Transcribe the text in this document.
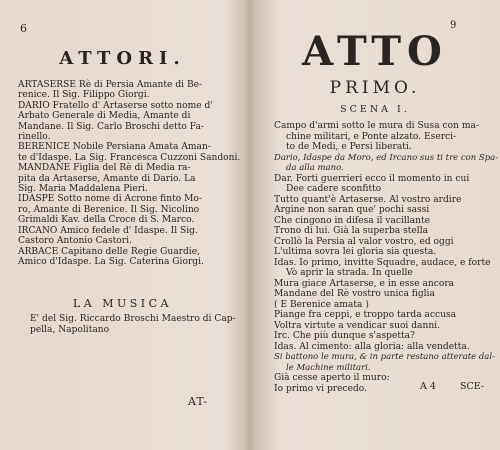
6
ATTORI.
ARTASERSE Rè di Persia Amante di Be-
renice. Il Sig. Filippo Giorgi.
DARIO Fratello d' Artaserse sotto nome d'
Arbato Generale di Media, Amante di
Mandane. Il Sig. Carlo Broschi detto Fa-
rinello.
BERENICE Nobile Persiana Amata Aman-
te d'Idaspe. La Sig. Francesca Cuzzoni Sandoni.
MANDANE Figlia del Rè di Media ra-
pita da Artaserse, Amante di Dario. La
Sig. Maria Maddalena Pieri.
IDASPE Sotto nome di Acrone finto Mo-
ro, Amante di Berenice. Il Sig. Nicolino
Grimaldi Kav. della Croce di S. Marco.
IRCANO Amico fedele d' Idaspe. Il Sig.
Castoro Antonio Castori.
ARBACE Capitano delle Regie Guardie,
Amico d'Idaspe. La Sig. Caterina Giorgi.
LA MUSICA
E' del Sig. Riccardo Broschi Maestro di Cap-
pella, Napolitano
AT-
9
ATTO
PRIMO.
SCENA I.
Campo d'armi sotto le mura di Susa con ma-
chine militari, e Ponte alzato. Eserci-
to de Medi, e Persi liberati.
Dario, Idaspe da Moro, ed Ircano sus ti tre con Spa-
da alla mano.
Dar. Forti guerrieri ecco il momento in cui
Dee cadere sconfitto
Tutto quant'è Artaserse. Al vostro ardire
Argine non saran que' pochi sassi
Che cingono in difesa il vacillante
Trono di lui. Già la superba stella
Crollò la Persia al valor vostro, ed oggi
L'ultima sovra lei gloria sia questa.
Idas. Io primo, invitte Squadre, audace, e forte
Vò aprir la strada. In quelle
Mura giace Artaserse, e in esse ancora
Mandane del Rè vostro unica figlia
( E Berenice amata )
Piange fra ceppi, e troppo tarda accusa
Voltra virtute a vendicar suoi danni.
Irc. Che più dunque s'aspetta?
Idas. Al cimento: alla gloria: alla vendetta.
Si battono le mura, & in parte restano atterate dal-
le Machine militari.
Già cesse aperto il muro:
Io primo vi precedo.	A 4	SCE-
